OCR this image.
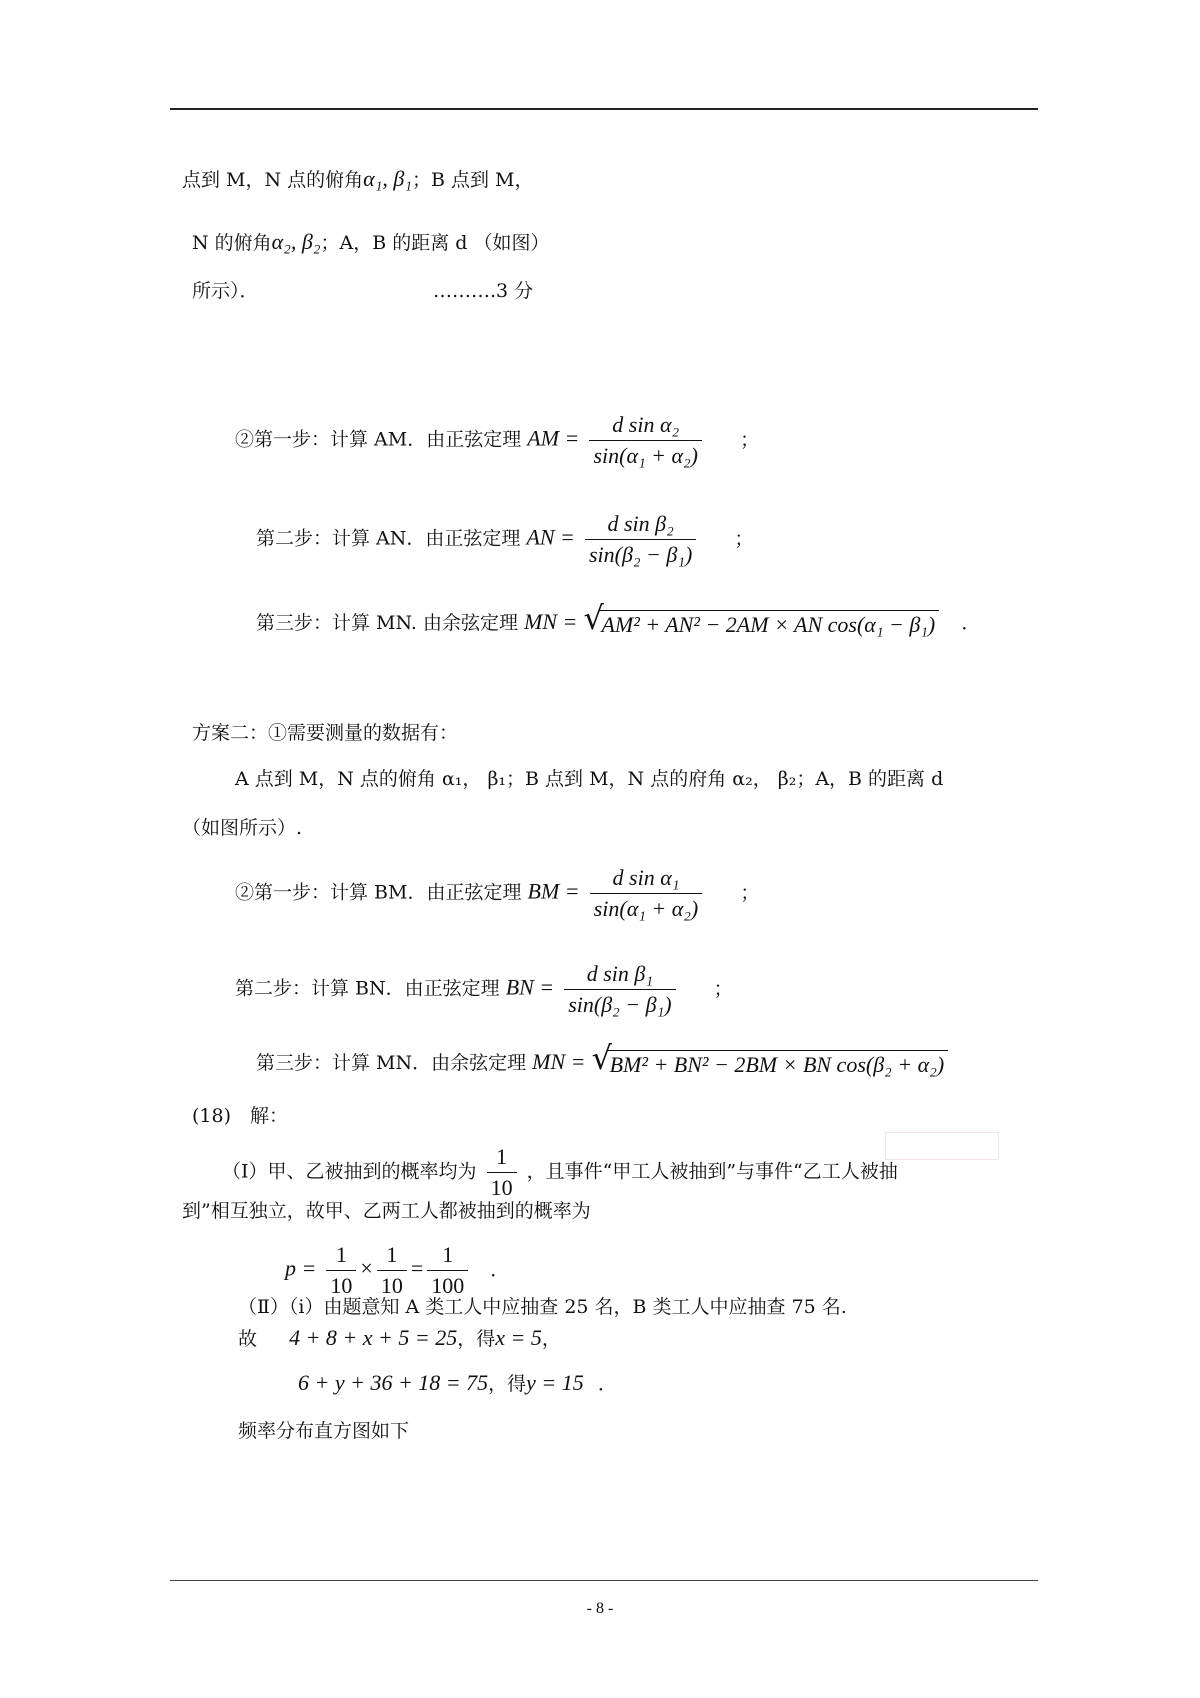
点到 M，N 点的俯角α₁, β₁；B 点到 M，
N 的俯角α₂, β₂；A，B 的距离 d （如图）
所示）．	……….3 分
②第一步：计算 AM．由正弦定理 AM = $\frac{\text{d sin α₂}}{\text{sin(α₁ + α₂)}}$ ；
第二步：计算 AN．由正弦定理 AN = $\frac{\text{d sin β₂}}{\text{sin(β₂ − β₁)}}$ ；
第三步：计算 MN. 由余弦定理 MN = √
AM² + AN² − 2AM × AN cos(α₁ − β₁) ．
方案二：①需要测量的数据有：
A 点到 M，N 点的俯角 α₁， β₁；B 点到 M，N 点的府角 α₂， β₂；A，B 的距离 d
（如图所示）.
②第一步：计算 BM．由正弦定理 BM = $\frac{\text{d sin α₁}}{\text{sin(α₁ + α₂)}}$ ；
第二步：计算 BN．由正弦定理 BN = $\frac{\text{d sin β₁}}{\text{sin(β₂ − β₁)}}$ ；
第三步：计算 MN．由余弦定理 MN = √
BM² + BN² − 2BM × BN cos(β₂ + α₂)
(18)　解：
（Ⅰ）甲、乙被抽到的概率均为 $\frac{1}{10}$ ，且事件“甲工人被抽到”与事件“乙工人被抽
到”相互独立，故甲、乙两工人都被抽到的概率为
$p = \frac{1}{10} \times \frac{1}{10} = \frac{1}{100}$ ．
（Ⅱ）（i）由题意知 A 类工人中应抽查 25 名，B 类工人中应抽查 75 名.
故 4 + 8 + x + 5 = 25，得x = 5，
6 + y + 36 + 18 = 75，得y = 15 ．
频率分布直方图如下
- 8 -
